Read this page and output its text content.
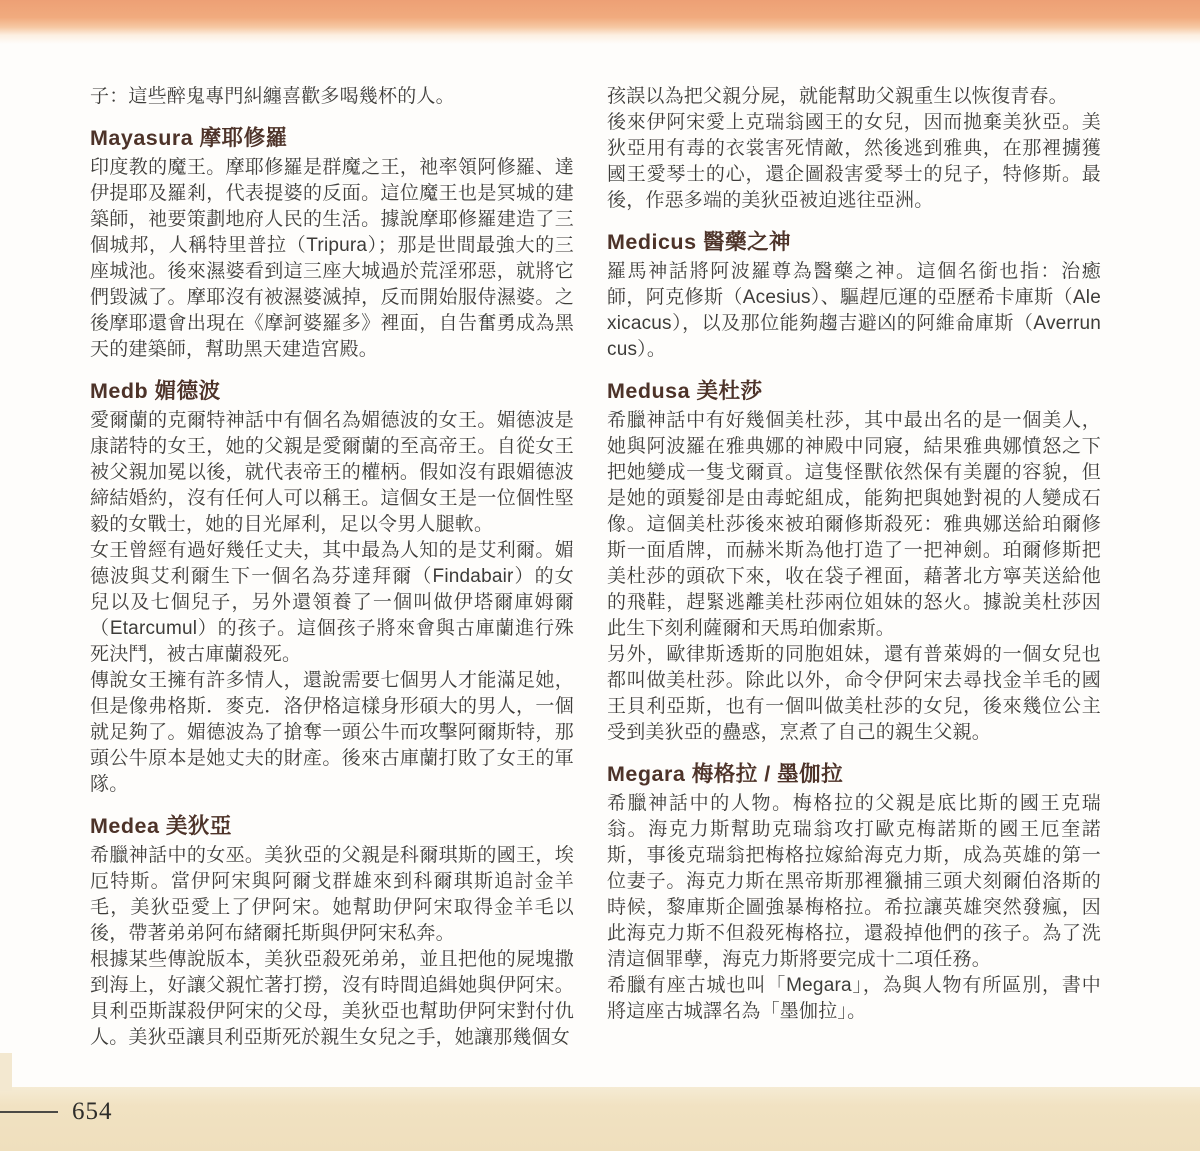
子：這些醉鬼專門糾纏喜歡多喝幾杯的人。

Mayasura 摩耶修羅

印度教的魔王。摩耶修羅是群魔之王，祂率領阿修羅、達伊提耶及羅剎，代表提婆的反面。這位魔王也是冥城的建築師，祂要策劃地府人民的生活。據說摩耶修羅建造了三個城邦，人稱特里普拉（Tripura）；那是世間最強大的三座城池。後來濕婆看到這三座大城過於荒淫邪惡，就將它們毀滅了。摩耶沒有被濕婆滅掉，反而開始服侍濕婆。之後摩耶還會出現在《摩訶婆羅多》裡面，自告奮勇成為黑天的建築師，幫助黑天建造宮殿。

Medb 媚德波

愛爾蘭的克爾特神話中有個名為媚德波的女王。媚德波是康諾特的女王，她的父親是愛爾蘭的至高帝王。自從女王被父親加冕以後，就代表帝王的權柄。假如沒有跟媚德波締結婚約，沒有任何人可以稱王。這個女王是一位個性堅毅的女戰士，她的目光犀利，足以令男人腿軟。

女王曾經有過好幾任丈夫，其中最為人知的是艾利爾。媚德波與艾利爾生下一個名為芬達拜爾（Findabair）的女兒以及七個兒子，另外還領養了一個叫做伊塔爾庫姆爾（Etarcumul）的孩子。這個孩子將來會與古庫蘭進行殊死決鬥，被古庫蘭殺死。

傳說女王擁有許多情人，還說需要七個男人才能滿足她，但是像弗格斯．麥克．洛伊格這樣身形碩大的男人，一個就足夠了。媚德波為了搶奪一頭公牛而攻擊阿爾斯特，那頭公牛原本是她丈夫的財產。後來古庫蘭打敗了女王的軍隊。

Medea 美狄亞

希臘神話中的女巫。美狄亞的父親是科爾琪斯的國王，埃厄特斯。當伊阿宋與阿爾戈群雄來到科爾琪斯追討金羊毛，美狄亞愛上了伊阿宋。她幫助伊阿宋取得金羊毛以後，帶著弟弟阿布緒爾托斯與伊阿宋私奔。

根據某些傳說版本，美狄亞殺死弟弟，並且把他的屍塊撒到海上，好讓父親忙著打撈，沒有時間追緝她與伊阿宋。貝利亞斯謀殺伊阿宋的父母，美狄亞也幫助伊阿宋對付仇人。美狄亞讓貝利亞斯死於親生女兒之手，她讓那幾個女

孩誤以為把父親分屍，就能幫助父親重生以恢復青春。

後來伊阿宋愛上克瑞翁國王的女兒，因而拋棄美狄亞。美狄亞用有毒的衣裳害死情敵，然後逃到雅典，在那裡擄獲國王愛琴士的心，還企圖殺害愛琴士的兒子，特修斯。最後，作惡多端的美狄亞被迫逃往亞洲。

Medicus 醫藥之神

羅馬神話將阿波羅尊為醫藥之神。這個名銜也指：治癒師，阿克修斯（Acesius）、驅趕厄運的亞歷希卡庫斯（Alexicacus），以及那位能夠趨吉避凶的阿維侖庫斯（Averruncus）。

Medusa 美杜莎

希臘神話中有好幾個美杜莎，其中最出名的是一個美人，她與阿波羅在雅典娜的神殿中同寢，結果雅典娜憤怒之下把她變成一隻戈爾貢。這隻怪獸依然保有美麗的容貌，但是她的頭髮卻是由毒蛇組成，能夠把與她對視的人變成石像。這個美杜莎後來被珀爾修斯殺死：雅典娜送給珀爾修斯一面盾牌，而赫米斯為他打造了一把神劍。珀爾修斯把美杜莎的頭砍下來，收在袋子裡面，藉著北方寧芙送給他的飛鞋，趕緊逃離美杜莎兩位姐妹的怒火。據說美杜莎因此生下刻利薩爾和天馬珀伽索斯。

另外，歐律斯透斯的同胞姐妹，還有普萊姆的一個女兒也都叫做美杜莎。除此以外，命令伊阿宋去尋找金羊毛的國王貝利亞斯，也有一個叫做美杜莎的女兒，後來幾位公主受到美狄亞的蠱惑，烹煮了自己的親生父親。

Megara 梅格拉 / 墨伽拉

希臘神話中的人物。梅格拉的父親是底比斯的國王克瑞翁。海克力斯幫助克瑞翁攻打歐克梅諾斯的國王厄奎諾斯，事後克瑞翁把梅格拉嫁給海克力斯，成為英雄的第一位妻子。海克力斯在黑帝斯那裡獵捕三頭犬刻爾伯洛斯的時候，黎庫斯企圖強暴梅格拉。希拉讓英雄突然發瘋，因此海克力斯不但殺死梅格拉，還殺掉他們的孩子。為了洗清這個罪孽，海克力斯將要完成十二項任務。

希臘有座古城也叫「Megara」，為與人物有所區別，書中將這座古城譯名為「墨伽拉」。

654
